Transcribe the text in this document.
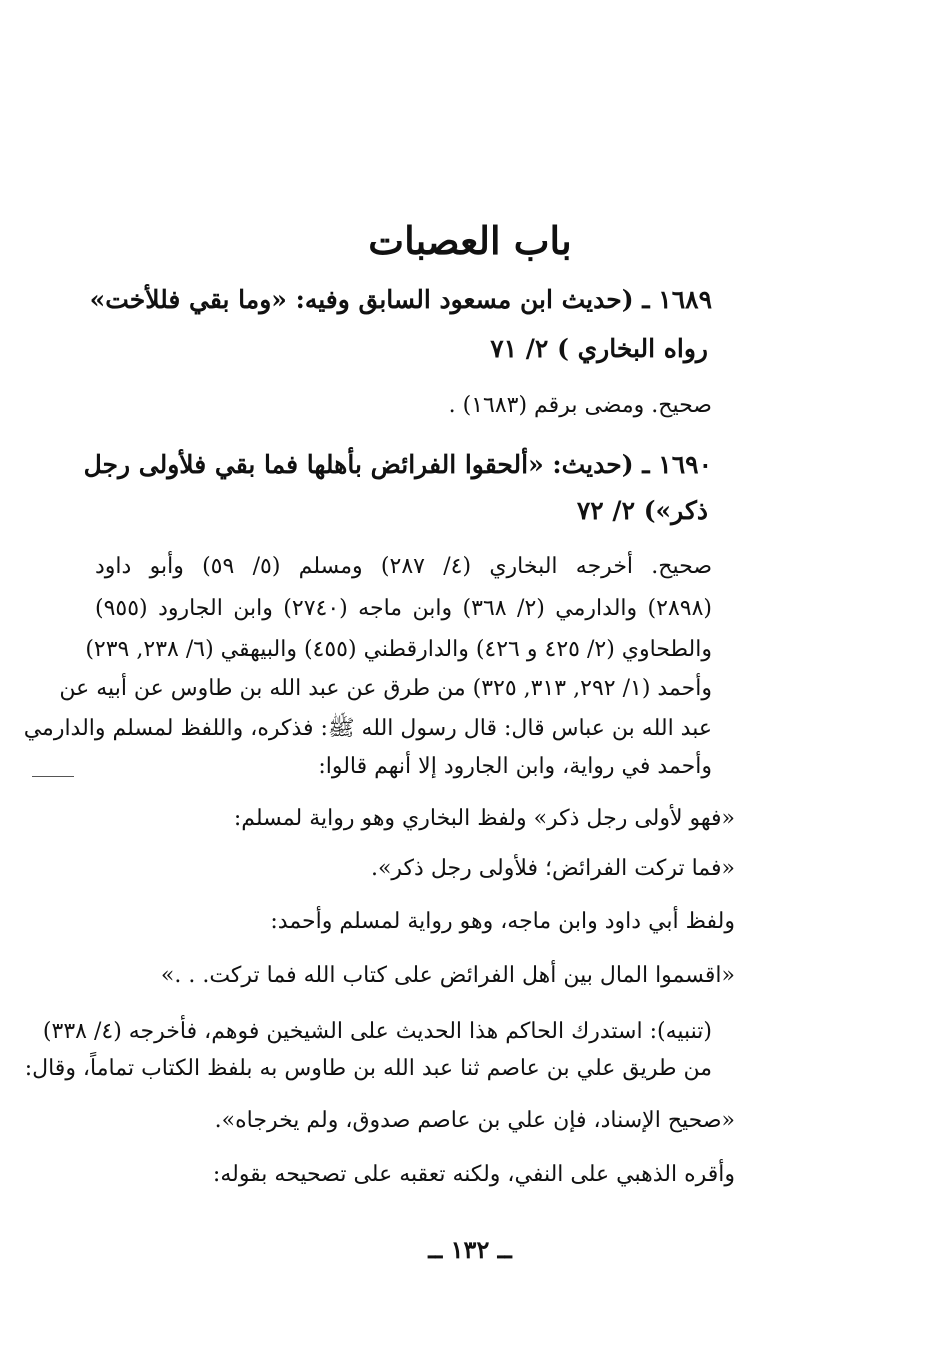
باب العصبات
١٦٨٩ ـ (حديث ابن مسعود السابق وفيه: «وما بقي فللأخت»
رواه البخاري ) ٢/ ٧١
صحيح. ومضى برقم (١٦٨٣) .
١٦٩٠ ـ (حديث: «ألحقوا الفرائض بأهلها فما بقي فلأولى رجل
ذكر») ٢/ ٧٢
صحيح. أخرجه البخاري (٤/ ٢٨٧) ومسلم (٥/ ٥٩) وأبو داود
(٢٨٩٨) والدارمي (٢/ ٣٦٨) وابن ماجه (٢٧٤٠) وابن الجارود (٩٥٥)
والطحاوي (٢/ ٤٢٥ و ٤٢٦) والدارقطني (٤٥٥) والبيهقي (٦/ ٢٣٨, ٢٣٩)
وأحمد (١/ ٢٩٢, ٣١٣, ٣٢٥) من طرق عن عبد الله بن طاوس عن أبيه عن
عبد الله بن عباس قال: قال رسول الله ﷺ: فذكره، واللفظ لمسلم والدارمي
وأحمد في رواية، وابن الجارود إلا أنهم قالوا:
«فهو لأولى رجل ذكر» ولفظ البخاري وهو رواية لمسلم:
«فما تركت الفرائض؛ فلأولى رجل ذكر».
ولفظ أبي داود وابن ماجه، وهو رواية لمسلم وأحمد:
«اقسموا المال بين أهل الفرائض على كتاب الله فما تركت. . .»
(تنبيه): استدرك الحاكم هذا الحديث على الشيخين فوهم، فأخرجه (٤/ ٣٣٨)
من طريق علي بن عاصم ثنا عبد الله بن طاوس به بلفظ الكتاب تماماً، وقال:
«صحيح الإسناد، فإن علي بن عاصم صدوق، ولم يخرجاه».
وأقره الذهبي على النفي، ولكنه تعقبه على تصحيحه بقوله:
ــ ١٣٢ ــ
